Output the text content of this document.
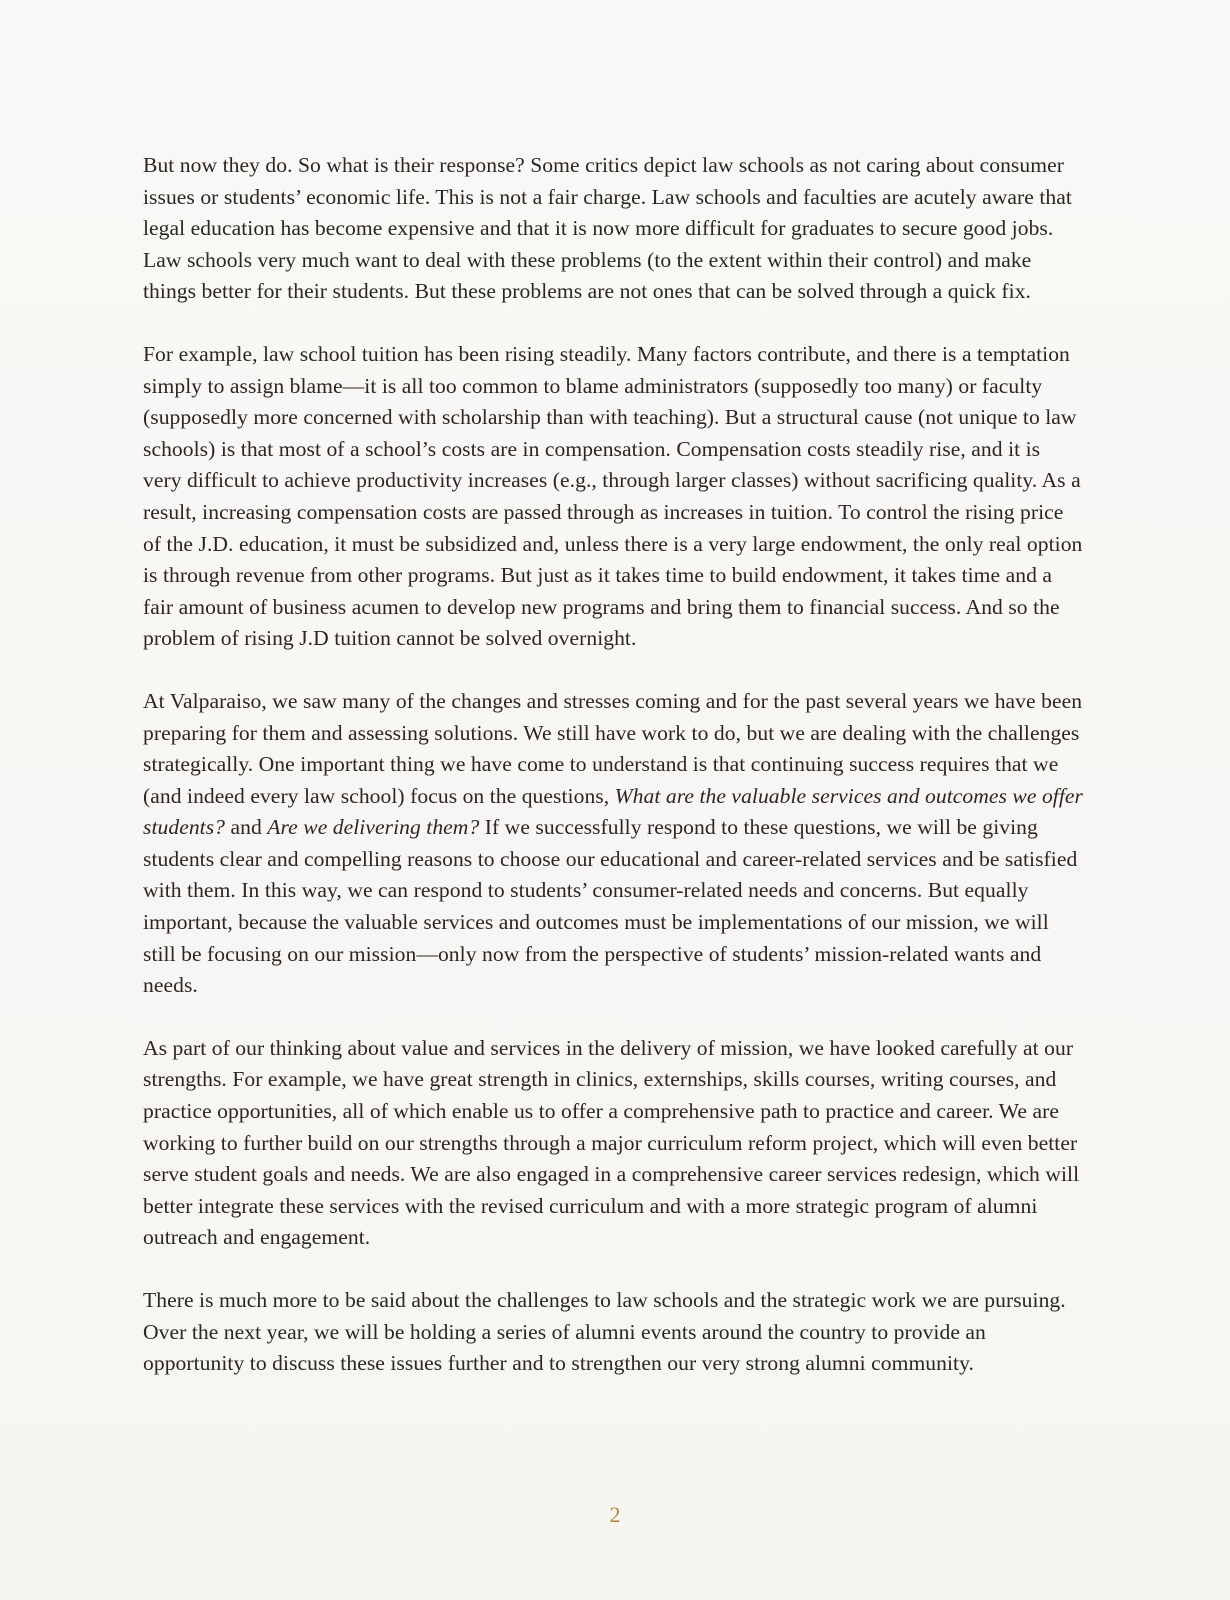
But now they do. So what is their response? Some critics depict law schools as not caring about consumer issues or students’ economic life. This is not a fair charge. Law schools and faculties are acutely aware that legal education has become expensive and that it is now more difficult for graduates to secure good jobs. Law schools very much want to deal with these problems (to the extent within their control) and make things better for their students. But these problems are not ones that can be solved through a quick fix.

For example, law school tuition has been rising steadily. Many factors contribute, and there is a temptation simply to assign blame—it is all too common to blame administrators (supposedly too many) or faculty (supposedly more concerned with scholarship than with teaching). But a structural cause (not unique to law schools) is that most of a school’s costs are in compensation. Compensation costs steadily rise, and it is very difficult to achieve productivity increases (e.g., through larger classes) without sacrificing quality. As a result, increasing compensation costs are passed through as increases in tuition. To control the rising price of the J.D. education, it must be subsidized and, unless there is a very large endowment, the only real option is through revenue from other programs. But just as it takes time to build endowment, it takes time and a fair amount of business acumen to develop new programs and bring them to financial success. And so the problem of rising J.D tuition cannot be solved overnight.

At Valparaiso, we saw many of the changes and stresses coming and for the past several years we have been preparing for them and assessing solutions. We still have work to do, but we are dealing with the challenges strategically. One important thing we have come to understand is that continuing success requires that we (and indeed every law school) focus on the questions, What are the valuable services and outcomes we offer students? and Are we delivering them? If we successfully respond to these questions, we will be giving students clear and compelling reasons to choose our educational and career-related services and be satisfied with them. In this way, we can respond to students’ consumer-related needs and concerns. But equally important, because the valuable services and outcomes must be implementations of our mission, we will still be focusing on our mission—only now from the perspective of students’ mission-related wants and needs.

As part of our thinking about value and services in the delivery of mission, we have looked carefully at our strengths. For example, we have great strength in clinics, externships, skills courses, writing courses, and practice opportunities, all of which enable us to offer a comprehensive path to practice and career. We are working to further build on our strengths through a major curriculum reform project, which will even better serve student goals and needs. We are also engaged in a comprehensive career services redesign, which will better integrate these services with the revised curriculum and with a more strategic program of alumni outreach and engagement.

There is much more to be said about the challenges to law schools and the strategic work we are pursuing. Over the next year, we will be holding a series of alumni events around the country to provide an opportunity to discuss these issues further and to strengthen our very strong alumni community.

2
